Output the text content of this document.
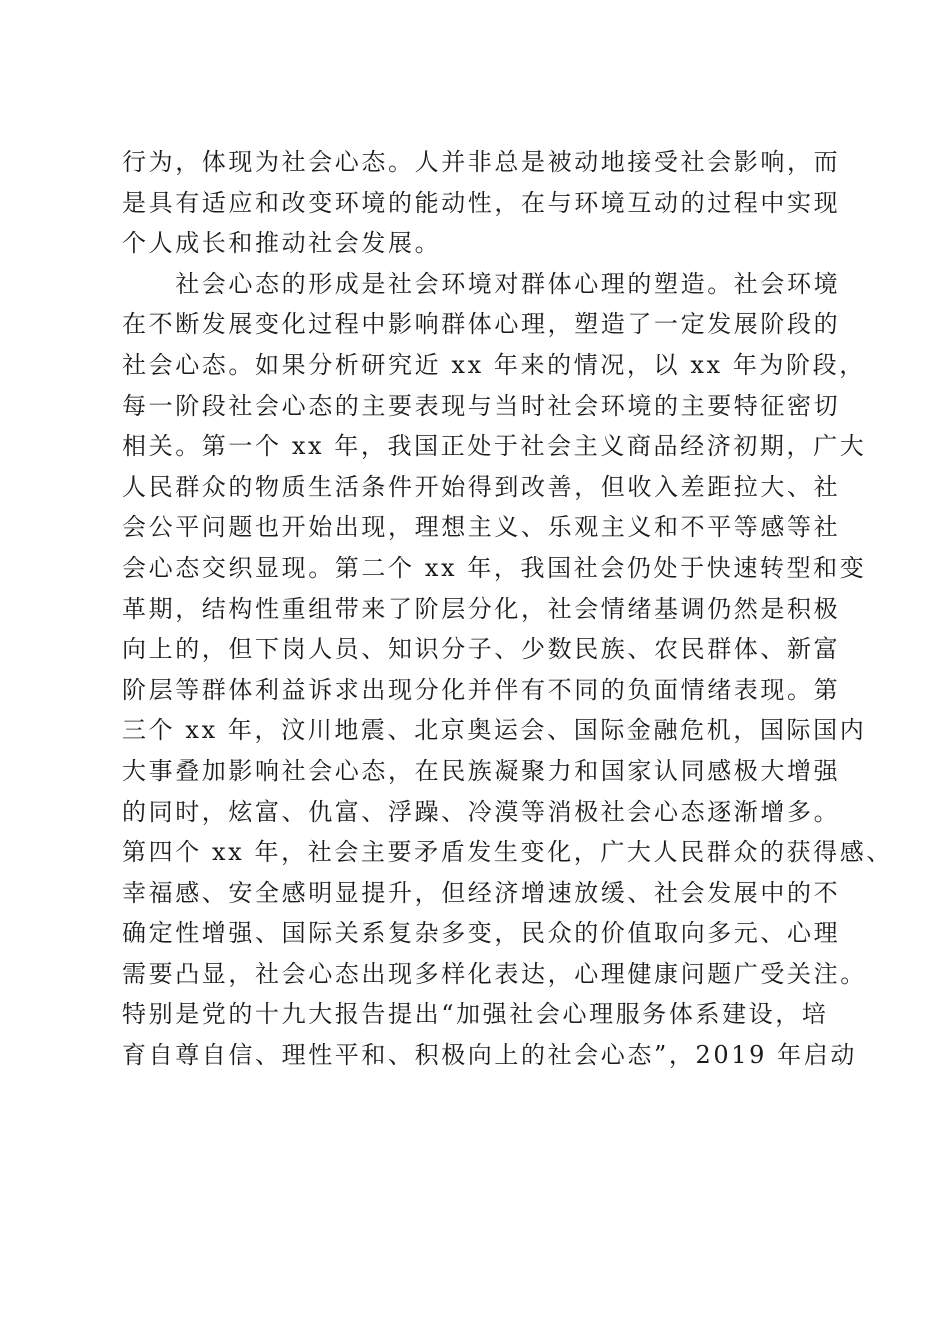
行为，体现为社会心态。人并非总是被动地接受社会影响，而
是具有适应和改变环境的能动性，在与环境互动的过程中实现
个人成长和推动社会发展。
　　社会心态的形成是社会环境对群体心理的塑造。社会环境
在不断发展变化过程中影响群体心理，塑造了一定发展阶段的
社会心态。如果分析研究近 xx 年来的情况，以 xx 年为阶段，
每一阶段社会心态的主要表现与当时社会环境的主要特征密切
相关。第一个 xx 年，我国正处于社会主义商品经济初期，广大
人民群众的物质生活条件开始得到改善，但收入差距拉大、社
会公平问题也开始出现，理想主义、乐观主义和不平等感等社
会心态交织显现。第二个 xx 年，我国社会仍处于快速转型和变
革期，结构性重组带来了阶层分化，社会情绪基调仍然是积极
向上的，但下岗人员、知识分子、少数民族、农民群体、新富
阶层等群体利益诉求出现分化并伴有不同的负面情绪表现。第
三个 xx 年，汶川地震、北京奥运会、国际金融危机，国际国内
大事叠加影响社会心态，在民族凝聚力和国家认同感极大增强
的同时，炫富、仇富、浮躁、冷漠等消极社会心态逐渐增多。
第四个 xx 年，社会主要矛盾发生变化，广大人民群众的获得感、
幸福感、安全感明显提升，但经济增速放缓、社会发展中的不
确定性增强、国际关系复杂多变，民众的价值取向多元、心理
需要凸显，社会心态出现多样化表达，心理健康问题广受关注。
特别是党的十九大报告提出“加强社会心理服务体系建设，培
育自尊自信、理性平和、积极向上的社会心态”，2019 年启动
